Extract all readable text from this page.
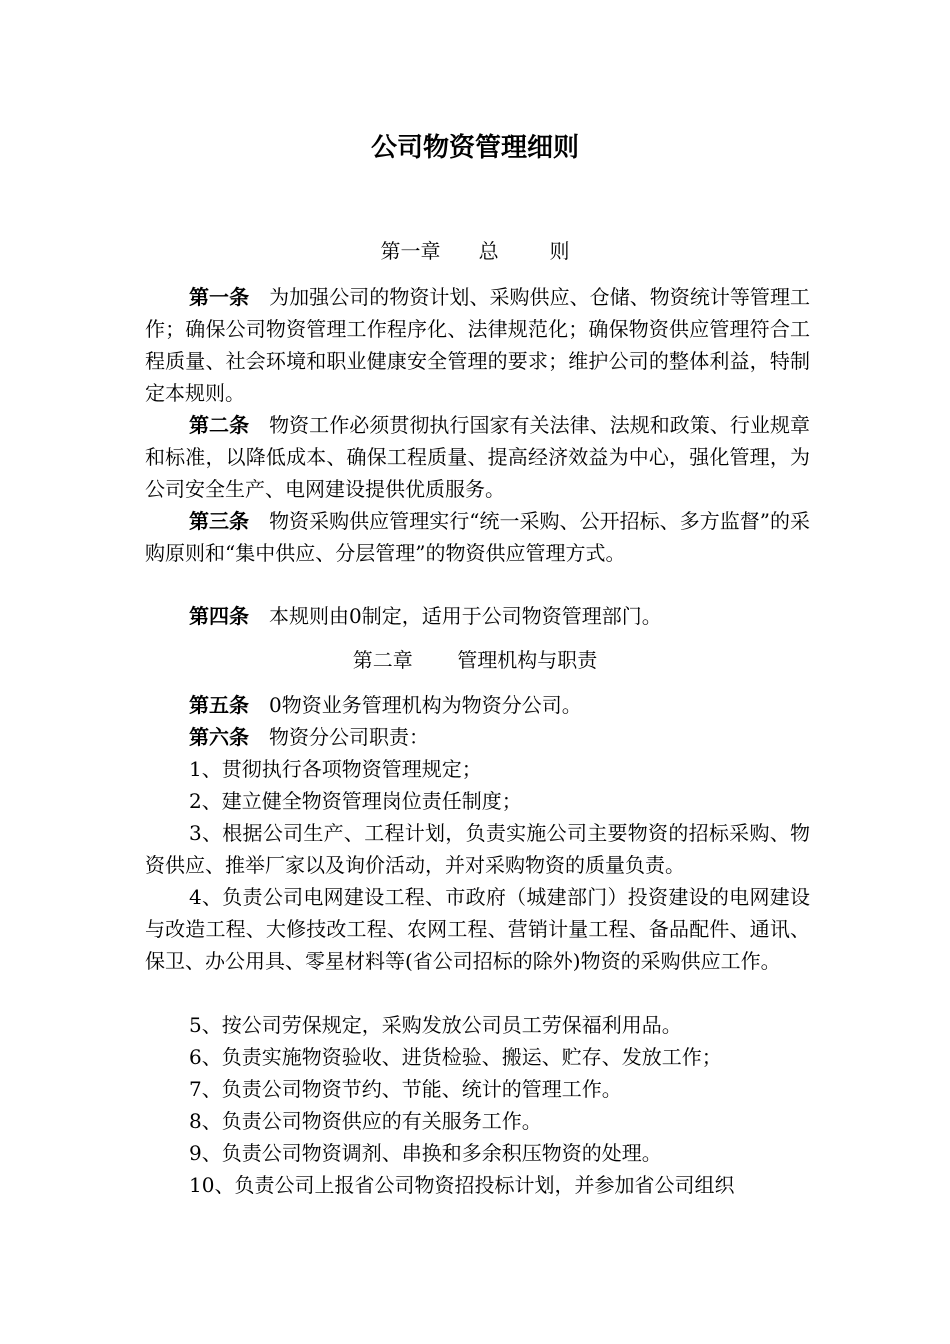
公司物资管理细则
第一章      总        则
第一条 为加强公司的物资计划、采购供应、仓储、物资统计等管理工作；确保公司物资管理工作程序化、法律规范化；确保物资供应管理符合工程质量、社会环境和职业健康安全管理的要求；维护公司的整体利益，特制定本规则。
第二条 物资工作必须贯彻执行国家有关法律、法规和政策、行业规章和标准，以降低成本、确保工程质量、提高经济效益为中心，强化管理，为公司安全生产、电网建设提供优质服务。
第三条 物资采购供应管理实行“统一采购、公开招标、多方监督”的采购原则和“集中供应、分层管理”的物资供应管理方式。
第四条 本规则由0制定，适用于公司物资管理部门。
第二章       管理机构与职责
第五条 0物资业务管理机构为物资分公司。
第六条 物资分公司职责：
1、贯彻执行各项物资管理规定；
2、建立健全物资管理岗位责任制度；
3、根据公司生产、工程计划，负责实施公司主要物资的招标采购、物资供应、推举厂家以及询价活动，并对采购物资的质量负责。
4、负责公司电网建设工程、市政府（城建部门）投资建设的电网建设与改造工程、大修技改工程、农网工程、营销计量工程、备品配件、通讯、保卫、办公用具、零星材料等(省公司招标的除外)物资的采购供应工作。
5、按公司劳保规定，采购发放公司员工劳保福利用品。
6、负责实施物资验收、进货检验、搬运、贮存、发放工作；
7、负责公司物资节约、节能、统计的管理工作。
8、负责公司物资供应的有关服务工作。
9、负责公司物资调剂、串换和多余积压物资的处理。
10、负责公司上报省公司物资招投标计划，并参加省公司组织
